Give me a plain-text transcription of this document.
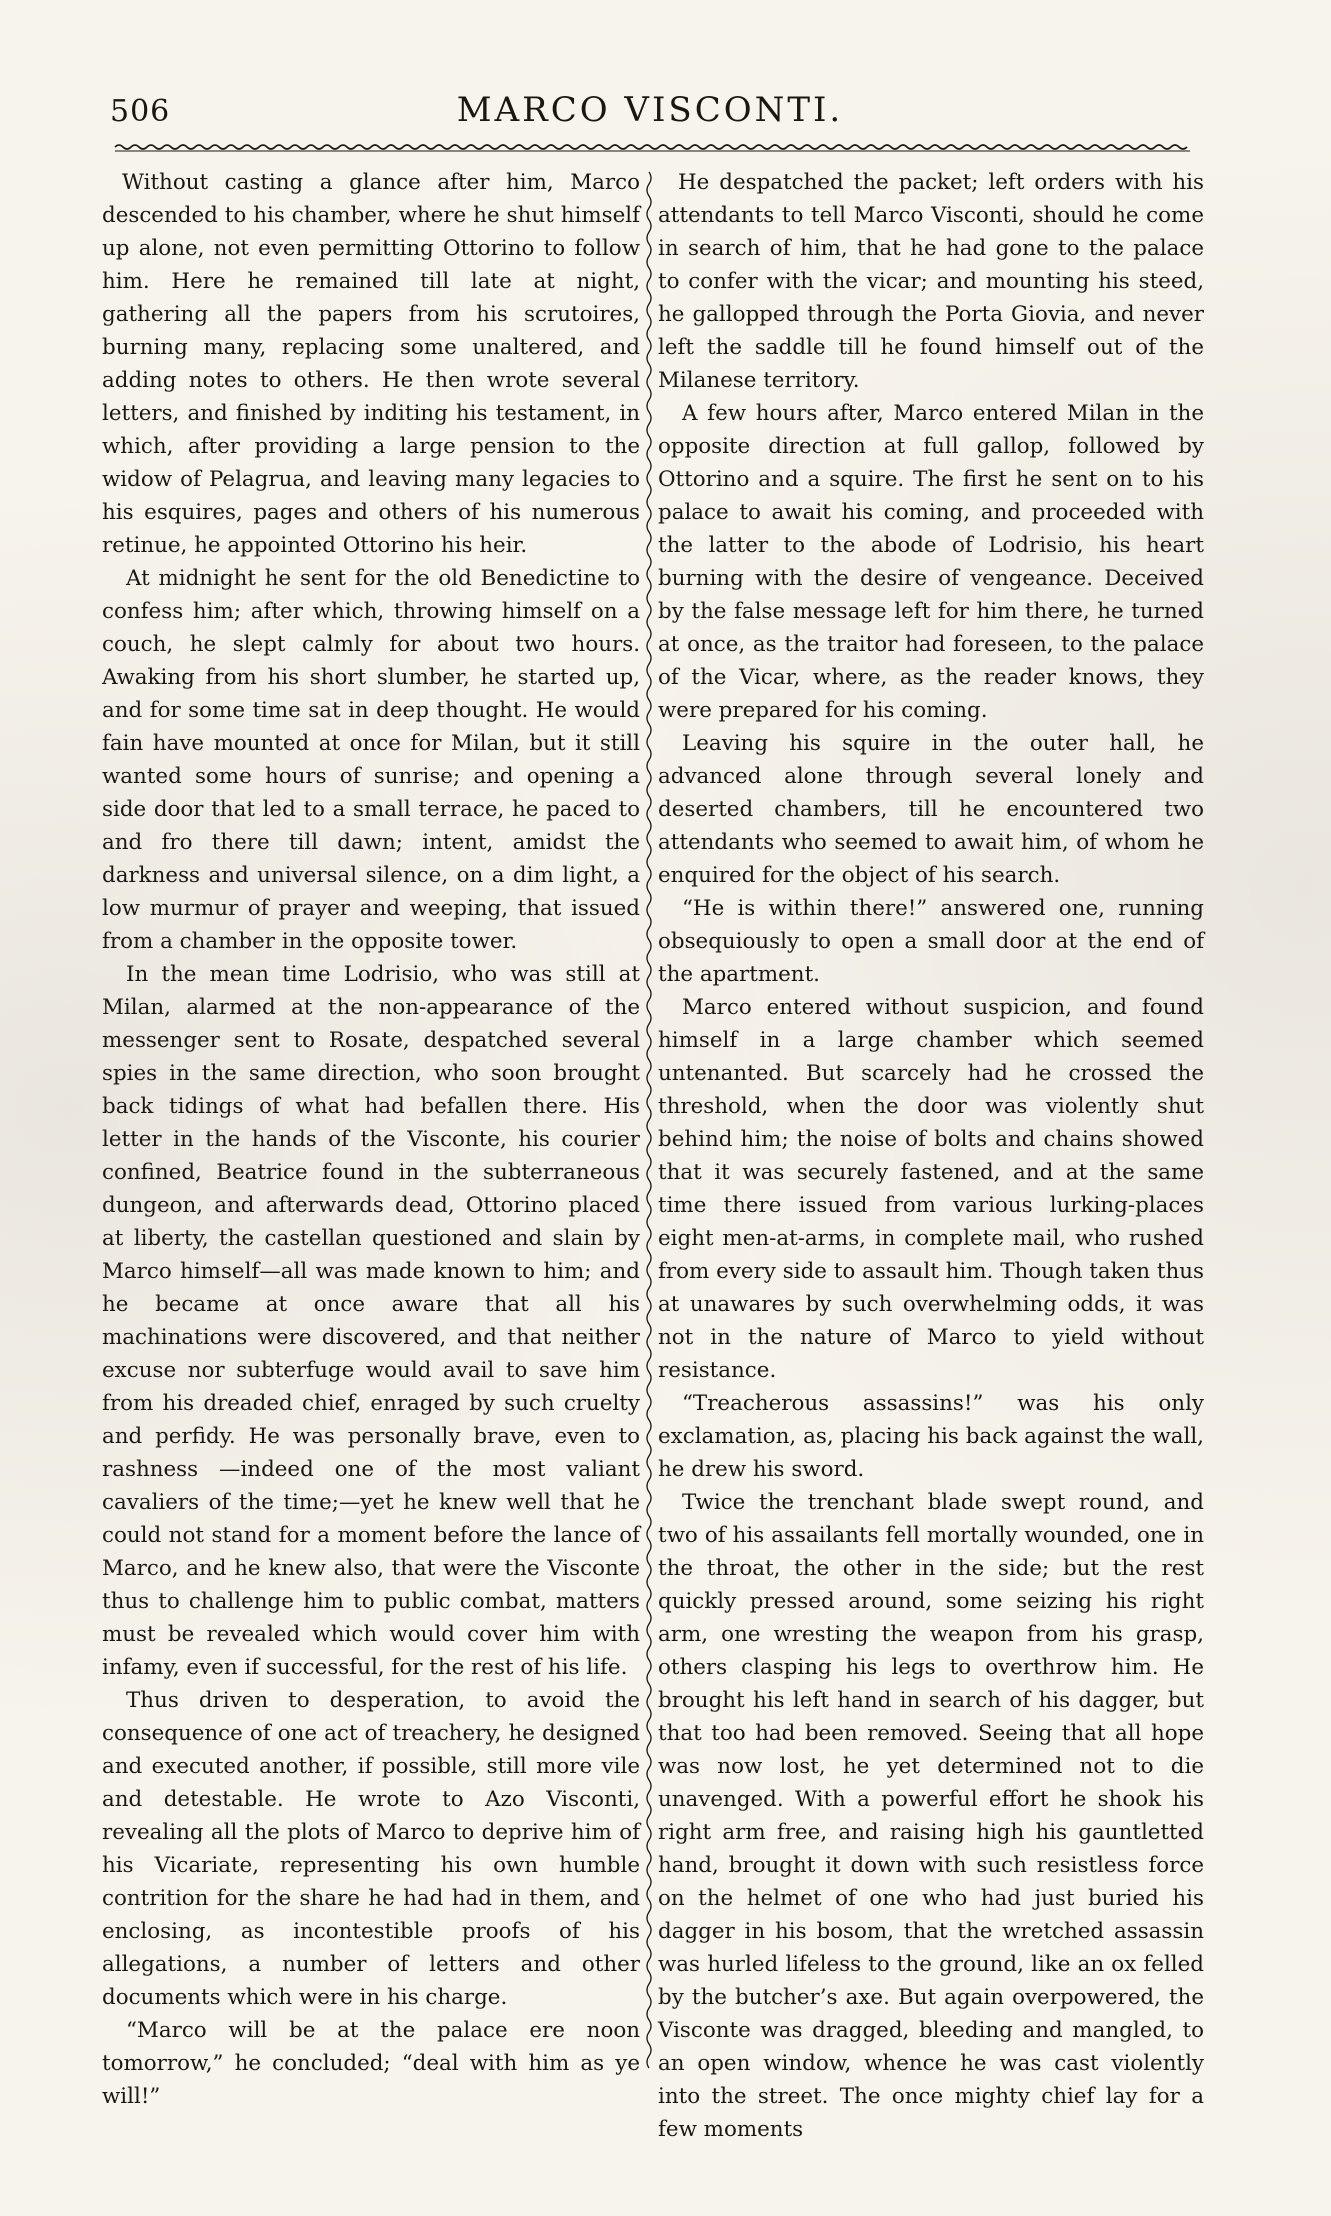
506	MARCO VISCONTI.

Without casting a glance after him, Marco descended to his chamber, where he shut himself up alone, not even permitting Ottorino to follow him. Here he remained till late at night, gathering all the papers from his scrutoires, burning many, replacing some unaltered, and adding notes to others. He then wrote several letters, and finished by inditing his testament, in which, after providing a large pension to the widow of Pelagrua, and leaving many legacies to his esquires, pages and others of his numerous retinue, he appointed Ottorino his heir.

At midnight he sent for the old Benedictine to confess him; after which, throwing himself on a couch, he slept calmly for about two hours. Awaking from his short slumber, he started up, and for some time sat in deep thought. He would fain have mounted at once for Milan, but it still wanted some hours of sunrise; and opening a side door that led to a small terrace, he paced to and fro there till dawn; intent, amidst the darkness and universal silence, on a dim light, a low murmur of prayer and weeping, that issued from a chamber in the opposite tower.

In the mean time Lodrisio, who was still at Milan, alarmed at the non-appearance of the messenger sent to Rosate, despatched several spies in the same direction, who soon brought back tidings of what had befallen there. His letter in the hands of the Visconte, his courier confined, Beatrice found in the subterraneous dungeon, and afterwards dead, Ottorino placed at liberty, the castellan questioned and slain by Marco himself—all was made known to him; and he became at once aware that all his machinations were discovered, and that neither excuse nor subterfuge would avail to save him from his dreaded chief, enraged by such cruelty and perfidy. He was personally brave, even to rashness —indeed one of the most valiant cavaliers of the time;—yet he knew well that he could not stand for a moment before the lance of Marco, and he knew also, that were the Visconte thus to challenge him to public combat, matters must be revealed which would cover him with infamy, even if successful, for the rest of his life.

Thus driven to desperation, to avoid the consequence of one act of treachery, he designed and executed another, if possible, still more vile and detestable. He wrote to Azo Visconti, revealing all the plots of Marco to deprive him of his Vicariate, representing his own humble contrition for the share he had had in them, and enclosing, as incontestible proofs of his allegations, a number of letters and other documents which were in his charge.

“Marco will be at the palace ere noon tomorrow,” he concluded; “deal with him as ye will!”

He despatched the packet; left orders with his attendants to tell Marco Visconti, should he come in search of him, that he had gone to the palace to confer with the vicar; and mounting his steed, he gallopped through the Porta Giovia, and never left the saddle till he found himself out of the Milanese territory.

A few hours after, Marco entered Milan in the opposite direction at full gallop, followed by Ottorino and a squire. The first he sent on to his palace to await his coming, and proceeded with the latter to the abode of Lodrisio, his heart burning with the desire of vengeance. Deceived by the false message left for him there, he turned at once, as the traitor had foreseen, to the palace of the Vicar, where, as the reader knows, they were prepared for his coming.

Leaving his squire in the outer hall, he advanced alone through several lonely and deserted chambers, till he encountered two attendants who seemed to await him, of whom he enquired for the object of his search.

“He is within there!” answered one, running obsequiously to open a small door at the end of the apartment.

Marco entered without suspicion, and found himself in a large chamber which seemed untenanted. But scarcely had he crossed the threshold, when the door was violently shut behind him; the noise of bolts and chains showed that it was securely fastened, and at the same time there issued from various lurking-places eight men-at-arms, in complete mail, who rushed from every side to assault him. Though taken thus at unawares by such overwhelming odds, it was not in the nature of Marco to yield without resistance.

“Treacherous assassins!” was his only exclamation, as, placing his back against the wall, he drew his sword.

Twice the trenchant blade swept round, and two of his assailants fell mortally wounded, one in the throat, the other in the side; but the rest quickly pressed around, some seizing his right arm, one wresting the weapon from his grasp, others clasping his legs to overthrow him. He brought his left hand in search of his dagger, but that too had been removed. Seeing that all hope was now lost, he yet determined not to die unavenged. With a powerful effort he shook his right arm free, and raising high his gauntletted hand, brought it down with such resistless force on the helmet of one who had just buried his dagger in his bosom, that the wretched assassin was hurled lifeless to the ground, like an ox felled by the butcher’s axe. But again overpowered, the Visconte was dragged, bleeding and mangled, to an open window, whence he was cast violently into the street. The once mighty chief lay for a few moments
